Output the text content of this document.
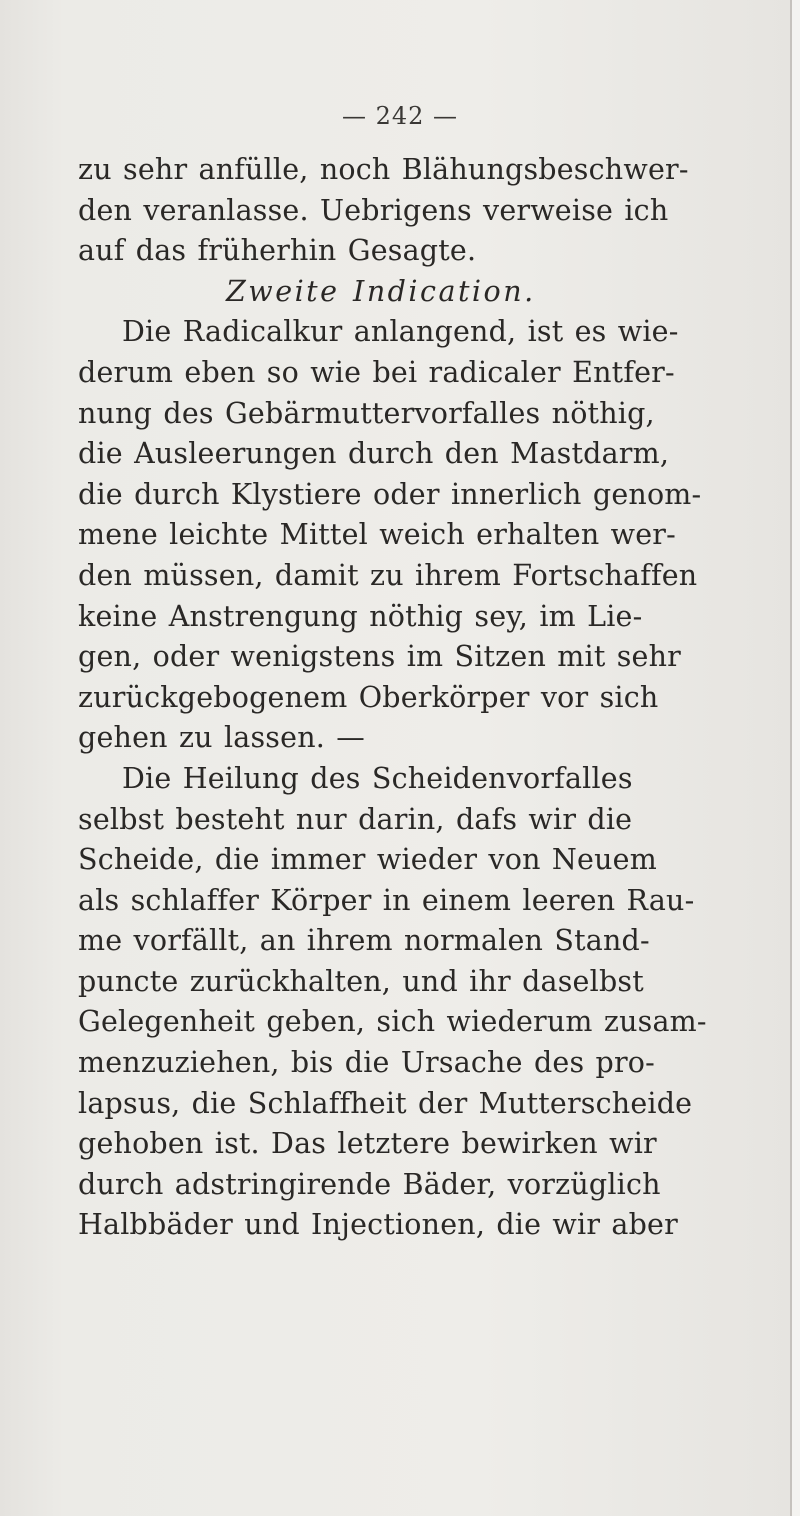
— 242 —
zu sehr anfülle, noch Blähungsbeschwer-
den veranlasse. Uebrigens verweise ich
auf das früherhin Gesagte.
Zweite Indication.
Die Radicalkur anlangend, ist es wie-
derum eben so wie bei radicaler Entfer-
nung des Gebärmuttervorfalles nöthig,
die Ausleerungen durch den Mastdarm,
die durch Klystiere oder innerlich genom-
mene leichte Mittel weich erhalten wer-
den müssen, damit zu ihrem Fortschaffen
keine Anstrengung nöthig sey, im Lie-
gen, oder wenigstens im Sitzen mit sehr
zurückgebogenem Oberkörper vor sich
gehen zu lassen. —
Die Heilung des Scheidenvorfalles
selbst besteht nur darin, dafs wir die
Scheide, die immer wieder von Neuem
als schlaffer Körper in einem leeren Rau-
me vorfällt, an ihrem normalen Stand-
puncte zurückhalten, und ihr daselbst
Gelegenheit geben, sich wiederum zusam-
menzuziehen, bis die Ursache des pro-
lapsus, die Schlaffheit der Mutterscheide
gehoben ist. Das letztere bewirken wir
durch adstringirende Bäder, vorzüglich
Halbbäder und Injectionen, die wir aber
